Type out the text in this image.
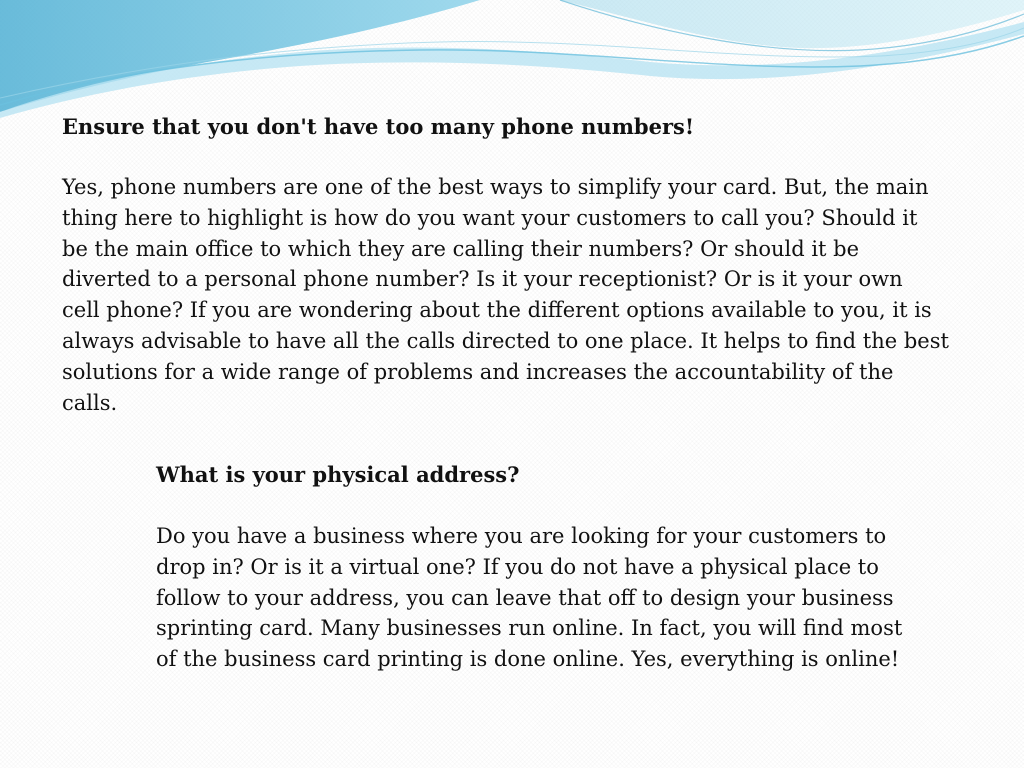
Ensure that you don't have too many phone numbers!
Yes, phone numbers are one of the best ways to simplify your card. But, the main
thing here to highlight is how do you want your customers to call you? Should it
be the main office to which they are calling their numbers? Or should it be
diverted to a personal phone number? Is it your receptionist? Or is it your own
cell phone? If you are wondering about the different options available to you, it is
always advisable to have all the calls directed to one place. It helps to find the best
solutions for a wide range of problems and increases the accountability of the
calls.
What is your physical address?
Do you have a business where you are looking for your customers to
drop in? Or is it a virtual one? If you do not have a physical place to
follow to your address, you can leave that off to design your business
sprinting card. Many businesses run online. In fact, you will find most
of the business card printing is done online. Yes, everything is online!
